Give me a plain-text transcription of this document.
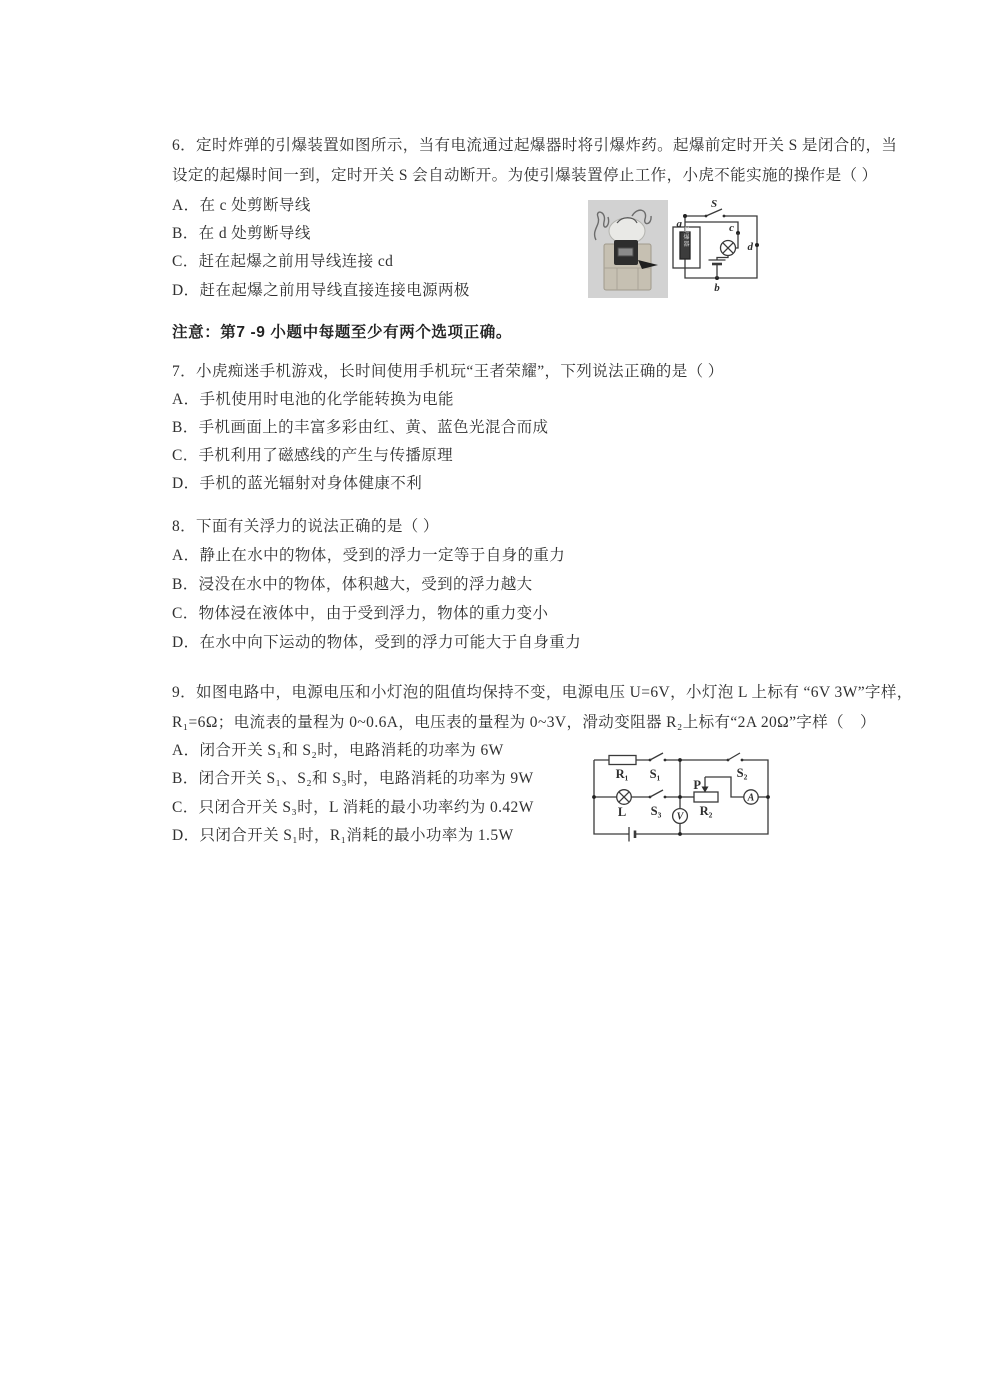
6．定时炸弹的引爆装置如图所示，当有电流通过起爆器时将引爆炸药。起爆前定时开关 S 是闭合的，当
设定的起爆时间一到，定时开关 S 会自动断开。为使引爆装置停止工作，小虎不能实施的操作是（ ）
A．在 c 处剪断导线
B．在 d 处剪断导线
C．赶在起爆之前用导线连接 cd
D．赶在起爆之前用导线直接连接电源两极
S
a
b
c
d
起爆器
注意：第7 -9 小题中每题至少有两个选项正确。
7．小虎痴迷手机游戏，长时间使用手机玩“王者荣耀”，下列说法正确的是（ ）
A．手机使用时电池的化学能转换为电能
B．手机画面上的丰富多彩由红、黄、蓝色光混合而成
C．手机利用了磁感线的产生与传播原理
D．手机的蓝光辐射对身体健康不利
8．下面有关浮力的说法正确的是（ ）
A．静止在水中的物体，受到的浮力一定等于自身的重力
B．浸没在水中的物体，体积越大，受到的浮力越大
C．物体浸在液体中，由于受到浮力，物体的重力变小
D．在水中向下运动的物体，受到的浮力可能大于自身重力
9．如图电路中，电源电压和小灯泡的阻值均保持不变，电源电压 U=6V，小灯泡 L 上标有 “6V 3W”字样，
R₁=6Ω；电流表的量程为 0~0.6A，电压表的量程为 0~3V，滑动变阻器 R₂上标有“2A 20Ω”字样（　）
A．闭合开关 S₁和 S₂时，电路消耗的功率为 6W
B．闭合开关 S₁、S₂和 S₃时，电路消耗的功率为 9W
C．只闭合开关 S₃时，L 消耗的最小功率约为 0.42W
D．只闭合开关 S₁时，R₁消耗的最小功率为 1.5W
R₁ S₁	S₂
L S₃
P
R₂
V
A
